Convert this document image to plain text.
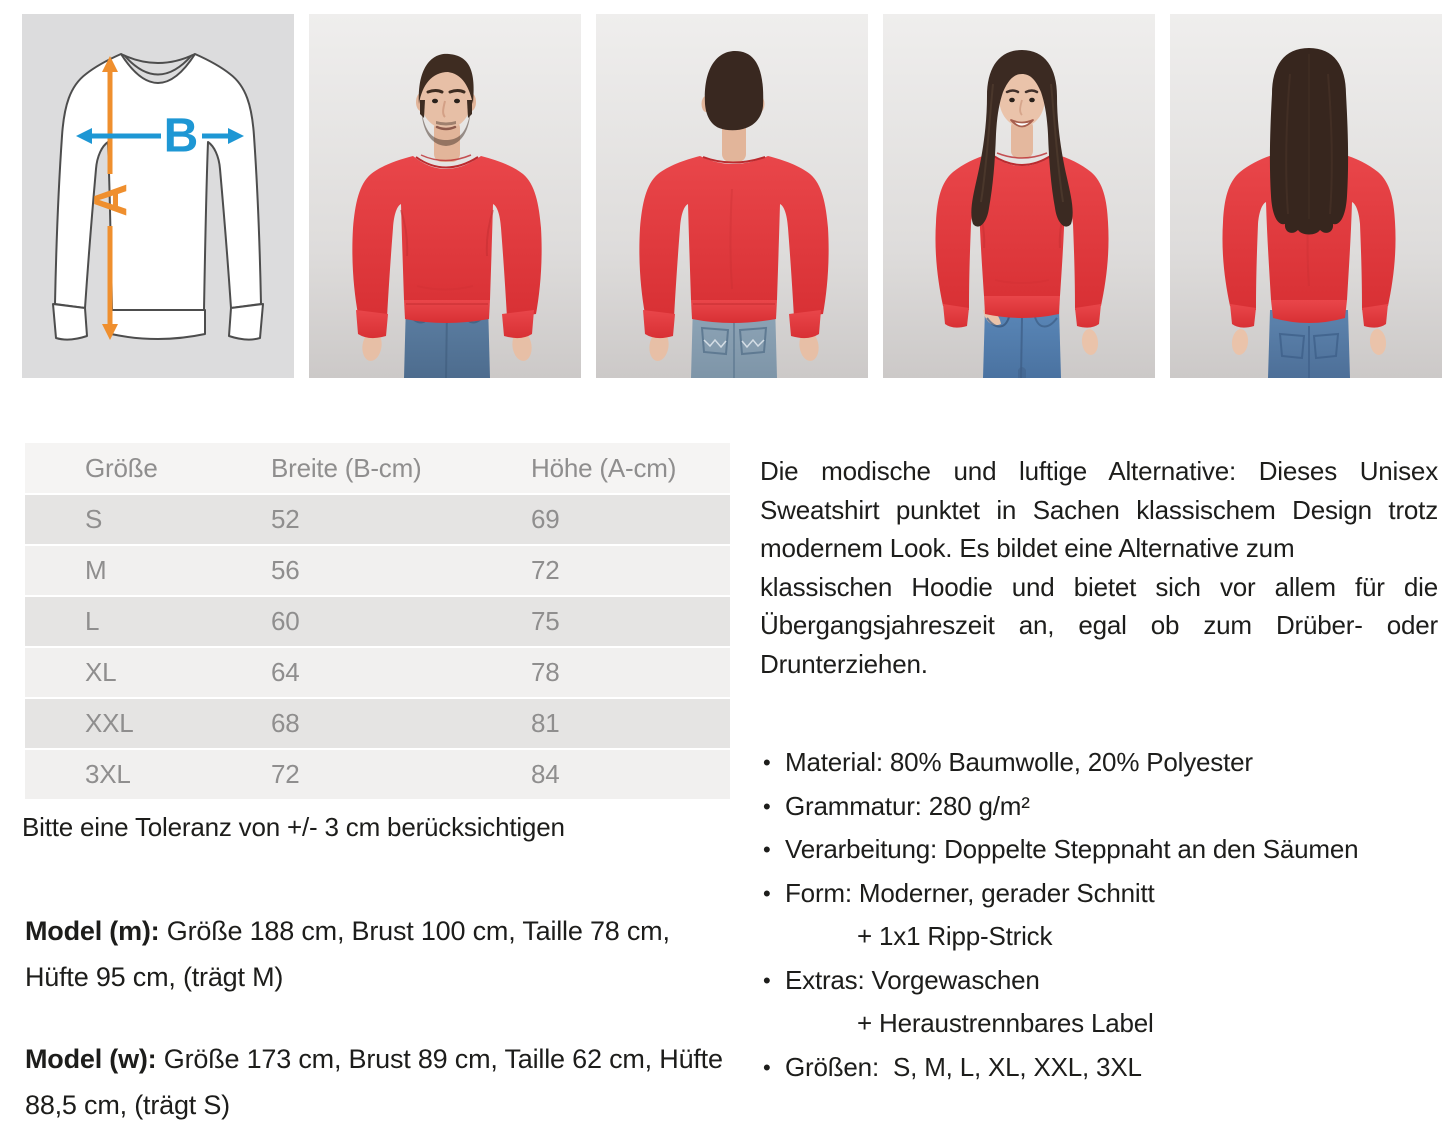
A
B
Größe	Breite (B-cm)	Höhe (A-cm)
S	52	69
M	56	72
L	60	75
XL	64	78
XXL	68	81
3XL	72	84

Bitte eine Toleranz von +/- 3 cm berücksichtigen

Model (m): Größe 188 cm, Brust 100 cm, Taille 78 cm, Hüfte 95 cm, (trägt M)

Model (w): Größe 173 cm, Brust 89 cm, Taille 62 cm, Hüfte 88,5 cm, (trägt S)

Die modische und luftige Alternative: Dieses Unisex
Sweatshirt punktet in Sachen klassischem Design trotz
modernem Look. Es bildet eine Alternative zum
klassischen Hoodie und bietet sich vor allem für die
Übergangsjahreszeit an, egal ob zum Drüber- oder
Drunterziehen.
• Material: 80% Baumwolle, 20% Polyester
• Grammatur: 280 g/m²
• Verarbeitung: Doppelte Steppnaht an den Säumen
• Form: Moderner, gerader Schnitt
+ 1x1 Ripp-Strick
• Extras: Vorgewaschen
+ Heraustrennbares Label
• Größen:  S, M, L, XL, XXL, 3XL
